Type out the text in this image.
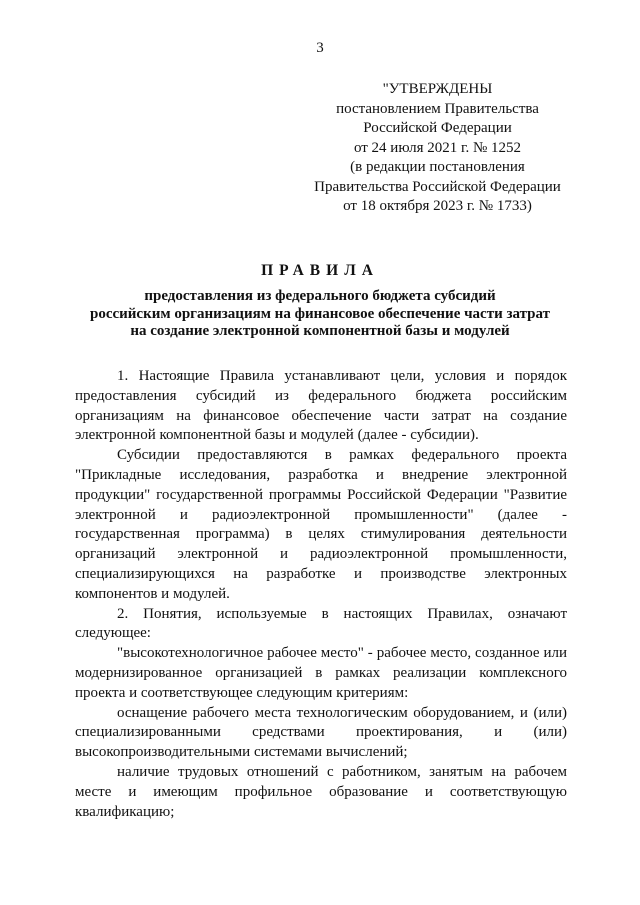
3
"УТВЕРЖДЕНЫ
постановлением Правительства
Российской Федерации
от 24 июля 2021 г. № 1252
(в редакции постановления
Правительства Российской Федерации
от 18 октября 2023 г. № 1733)
ПРАВИЛА
предоставления из федерального бюджета субсидий
российским организациям на финансовое обеспечение части затрат
на создание электронной компонентной базы и модулей

1. Настоящие Правила устанавливают цели, условия и порядок предоставления субсидий из федерального бюджета российским организациям на финансовое обеспечение части затрат на создание электронной компонентной базы и модулей (далее - субсидии).

Субсидии предоставляются в рамках федерального проекта "Прикладные исследования, разработка и внедрение электронной продукции" государственной программы Российской Федерации "Развитие электронной и радиоэлектронной промышленности" (далее - государственная программа) в целях стимулирования деятельности организаций электронной и радиоэлектронной промышленности, специализирующихся на разработке и производстве электронных компонентов и модулей.

2. Понятия, используемые в настоящих Правилах, означают следующее:

"высокотехнологичное рабочее место" - рабочее место, созданное или модернизированное организацией в рамках реализации комплексного проекта и соответствующее следующим критериям:

оснащение рабочего места технологическим оборудованием, и (или) специализированными средствами проектирования, и (или) высокопроизводительными системами вычислений;

наличие трудовых отношений с работником, занятым на рабочем месте и имеющим профильное образование и соответствующую квалификацию;
